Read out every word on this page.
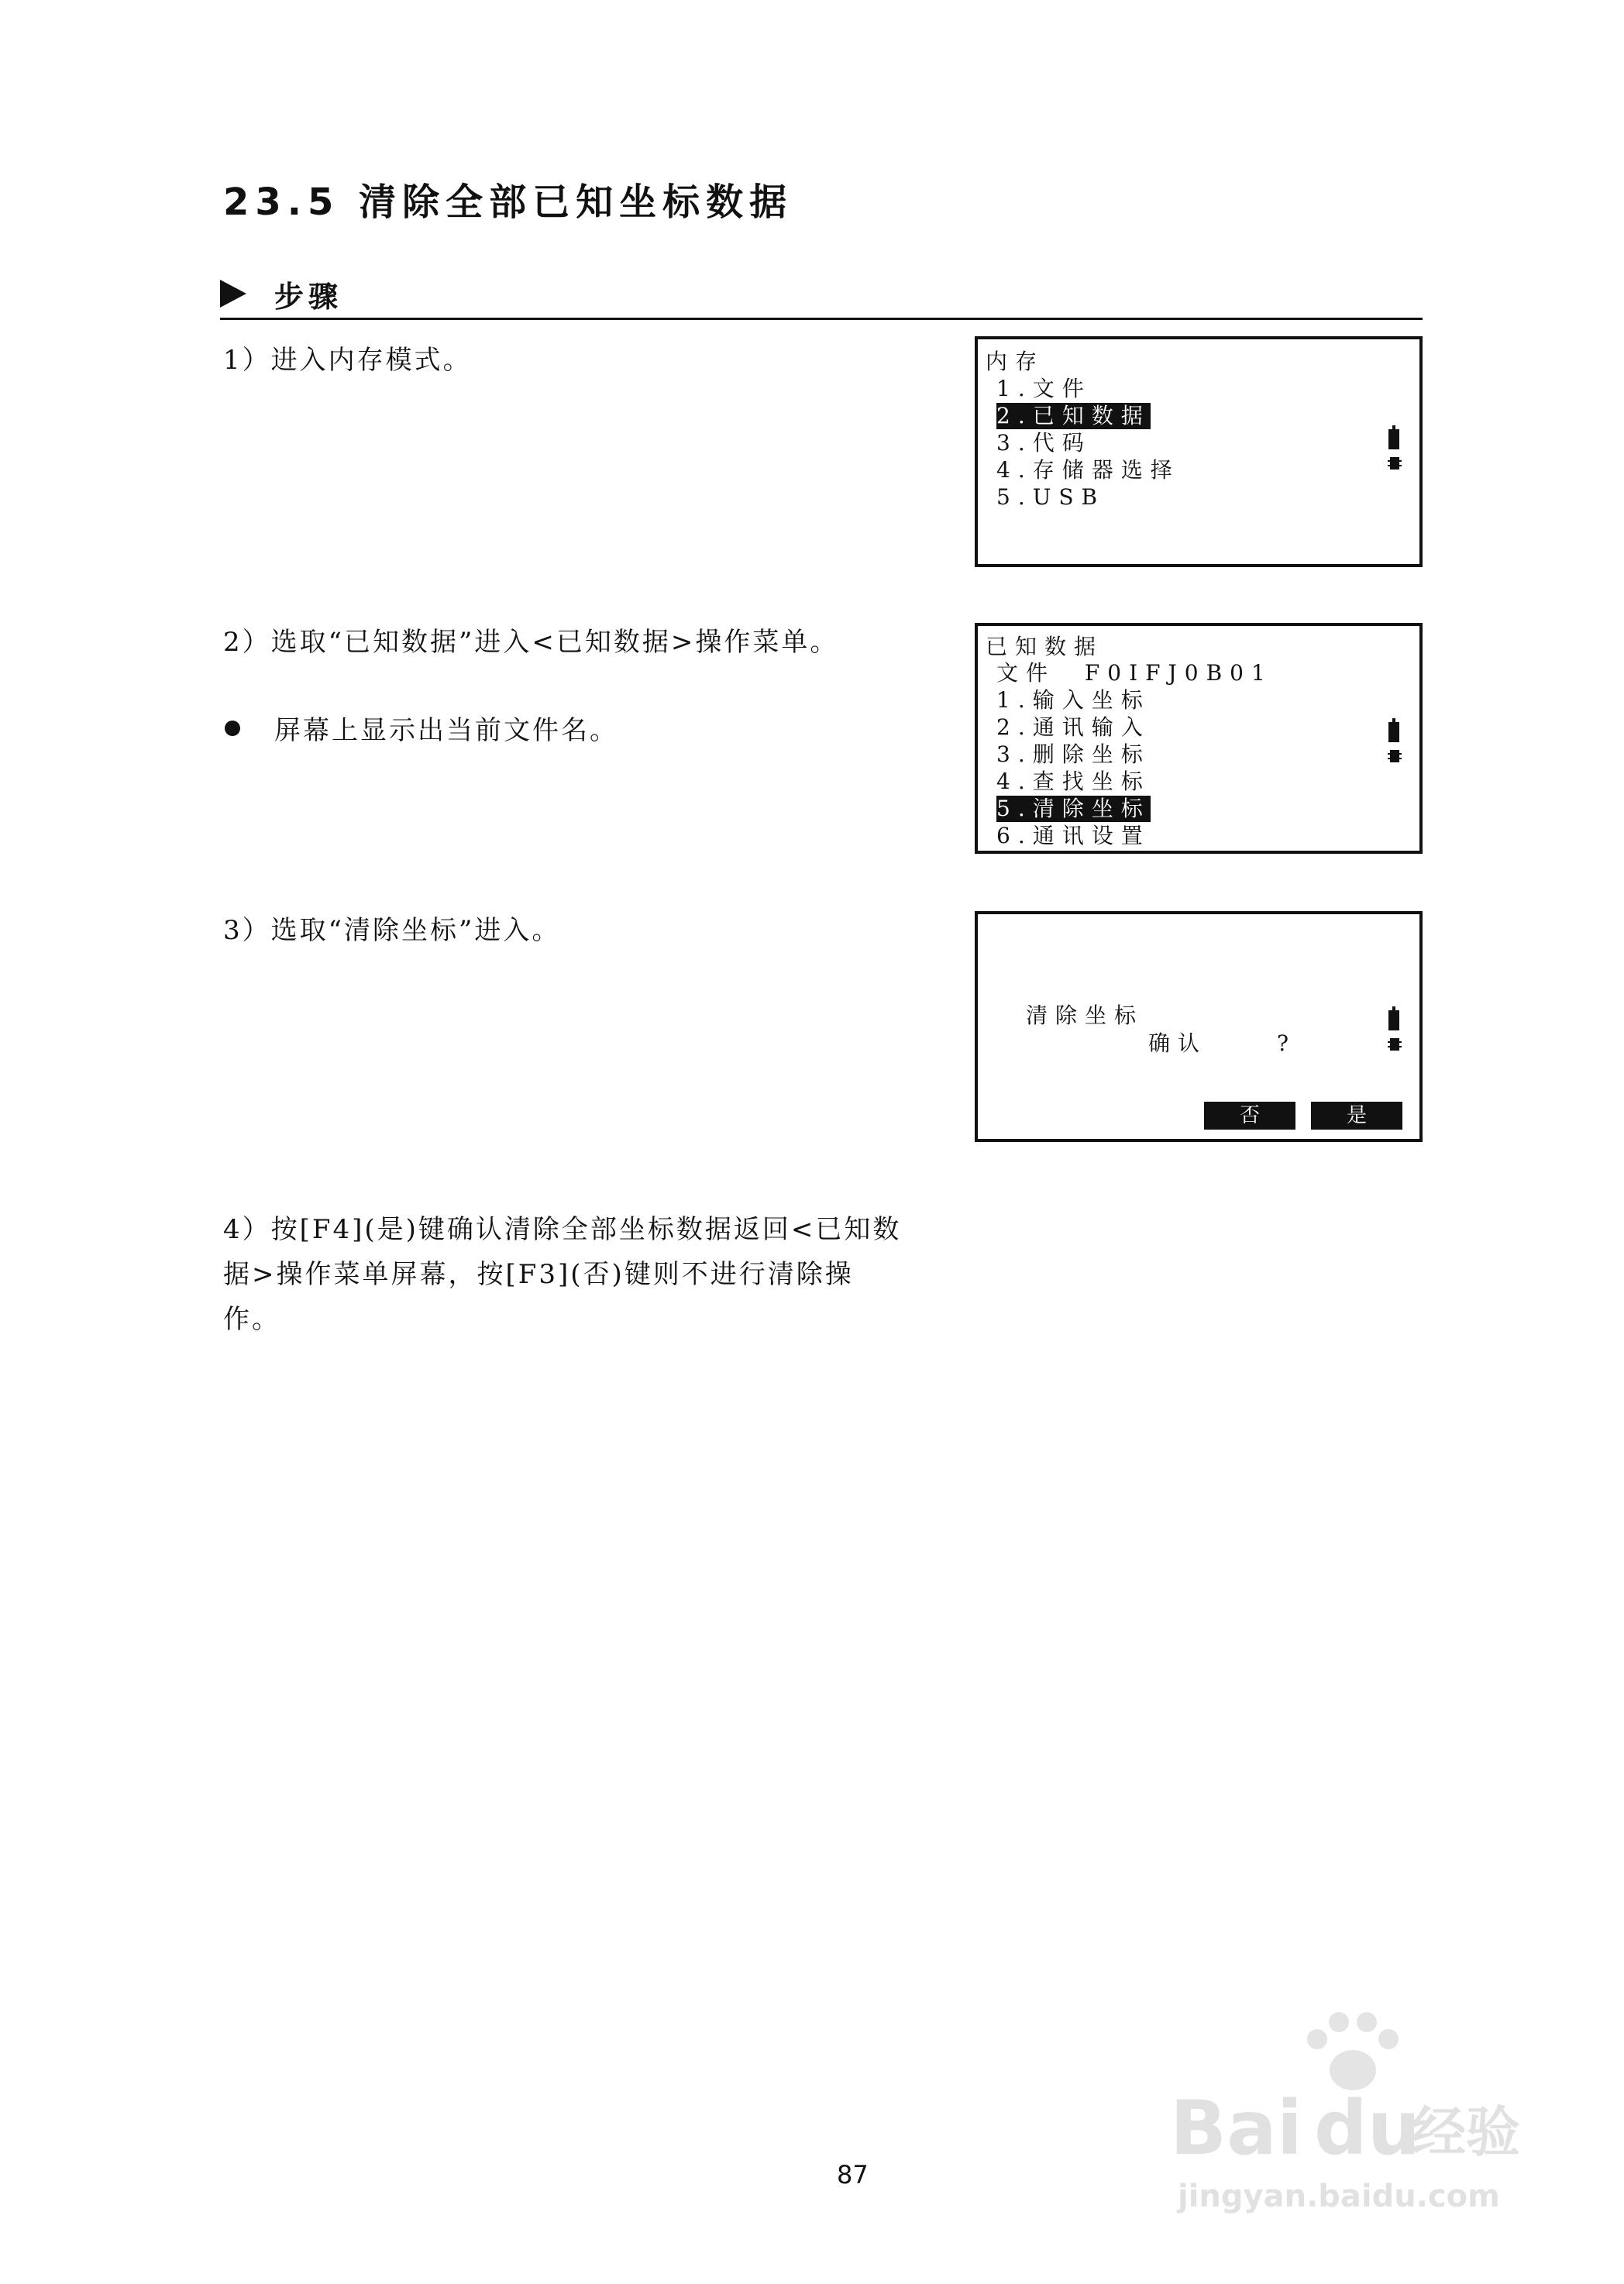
23.5 清除全部已知坐标数据
步骤
1）进入内存模式。
2）选取“已知数据”进入<已知数据>操作菜单。
屏幕上显示出当前文件名。
3）选取“清除坐标”进入。
4）按[F4](是)键确认清除全部坐标数据返回<已知数据>操作菜单屏幕，按[F3](否)键则不进行清除操作。
内存
1.文件
2.已知数据
3.代码
4.存储器选择
5.USB
已知数据
文件 F0IFJ0B01
1.输入坐标
2.通讯输入
3.删除坐标
4.查找坐标
5.清除坐标
6.通讯设置
清除坐标
确认	?
否	是
87
Bai du
经验
jingyan.baidu.com
